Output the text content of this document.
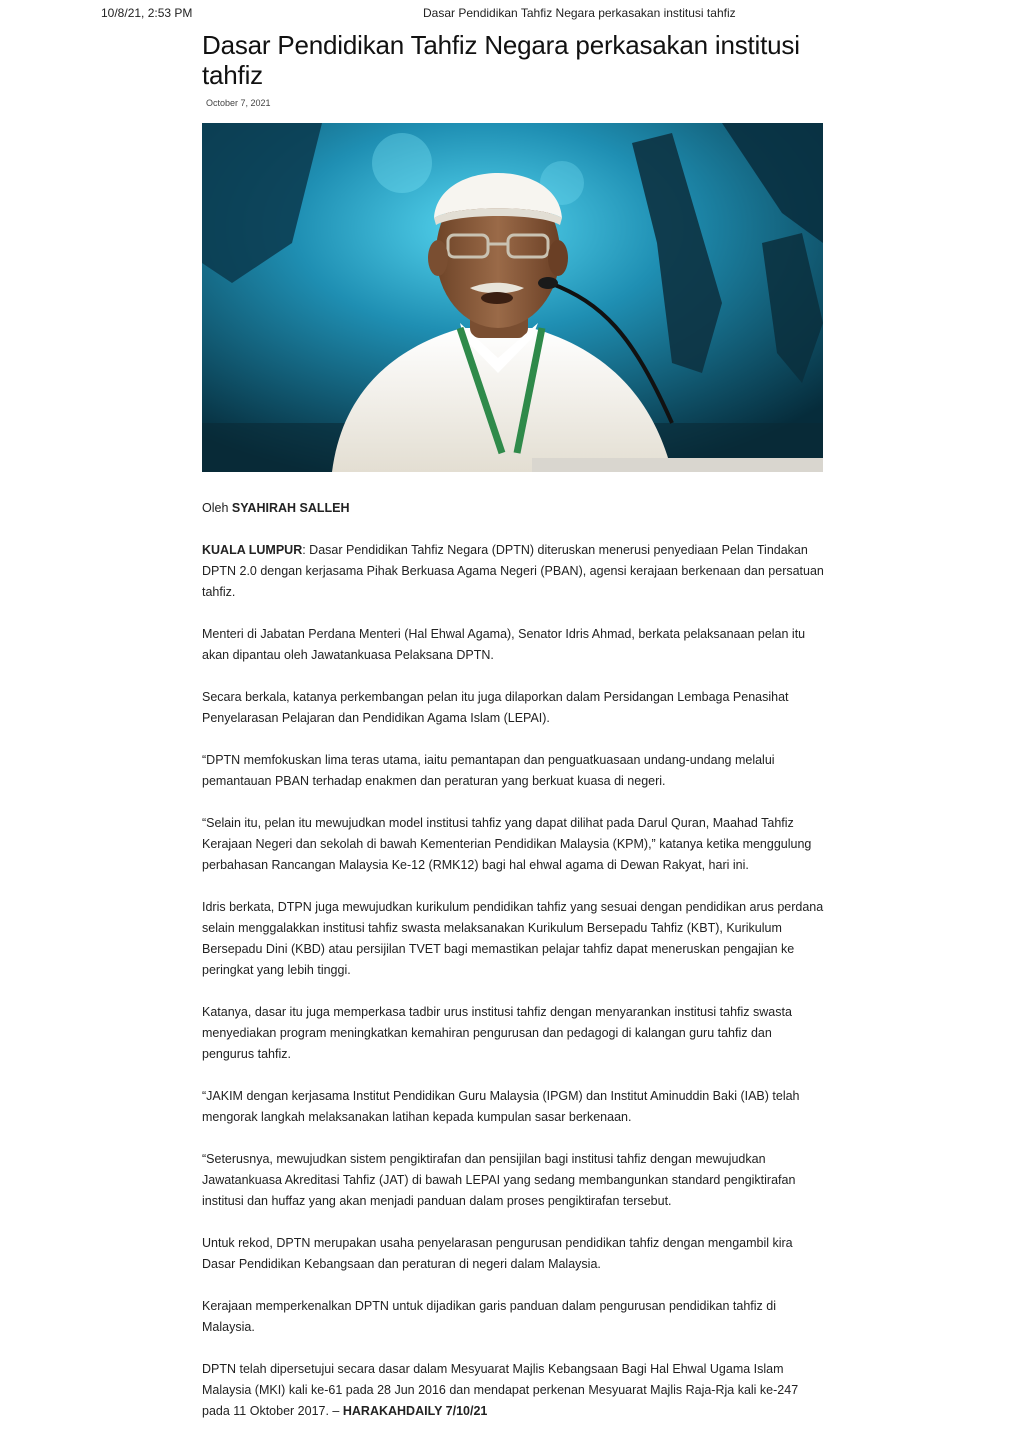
10/8/21, 2:53 PM	Dasar Pendidikan Tahfiz Negara perkasakan institusi tahfiz
Dasar Pendidikan Tahfiz Negara perkasakan institusi tahfiz
October 7, 2021

Oleh SYAHIRAH SALLEH

KUALA LUMPUR: Dasar Pendidikan Tahfiz Negara (DPTN) diteruskan menerusi penyediaan Pelan Tindakan DPTN 2.0 dengan kerjasama Pihak Berkuasa Agama Negeri (PBAN), agensi kerajaan berkenaan dan persatuan tahfiz.

Menteri di Jabatan Perdana Menteri (Hal Ehwal Agama), Senator Idris Ahmad, berkata pelaksanaan pelan itu akan dipantau oleh Jawatankuasa Pelaksana DPTN.

Secara berkala, katanya perkembangan pelan itu juga dilaporkan dalam Persidangan Lembaga Penasihat Penyelarasan Pelajaran dan Pendidikan Agama Islam (LEPAI).

“DPTN memfokuskan lima teras utama, iaitu pemantapan dan penguatkuasaan undang-undang melalui pemantauan PBAN terhadap enakmen dan peraturan yang berkuat kuasa di negeri.

“Selain itu, pelan itu mewujudkan model institusi tahfiz yang dapat dilihat pada Darul Quran, Maahad Tahfiz Kerajaan Negeri dan sekolah di bawah Kementerian Pendidikan Malaysia (KPM),” katanya ketika menggulung perbahasan Rancangan Malaysia Ke-12 (RMK12) bagi hal ehwal agama di Dewan Rakyat, hari ini.

Idris berkata, DTPN juga mewujudkan kurikulum pendidikan tahfiz yang sesuai dengan pendidikan arus perdana selain menggalakkan institusi tahfiz swasta melaksanakan Kurikulum Bersepadu Tahfiz (KBT), Kurikulum Bersepadu Dini (KBD) atau persijilan TVET bagi memastikan pelajar tahfiz dapat meneruskan pengajian ke peringkat yang lebih tinggi.

Katanya, dasar itu juga memperkasa tadbir urus institusi tahfiz dengan menyarankan institusi tahfiz swasta menyediakan program meningkatkan kemahiran pengurusan dan pedagogi di kalangan guru tahfiz dan pengurus tahfiz.

“JAKIM dengan kerjasama Institut Pendidikan Guru Malaysia (IPGM) dan Institut Aminuddin Baki (IAB) telah mengorak langkah melaksanakan latihan kepada kumpulan sasar berkenaan.

“Seterusnya, mewujudkan sistem pengiktirafan dan pensijilan bagi institusi tahfiz dengan mewujudkan Jawatankuasa Akreditasi Tahfiz (JAT) di bawah LEPAI yang sedang membangunkan standard pengiktirafan institusi dan huffaz yang akan menjadi panduan dalam proses pengiktirafan tersebut.

Untuk rekod, DPTN merupakan usaha penyelarasan pengurusan pendidikan tahfiz dengan mengambil kira Dasar Pendidikan Kebangsaan dan peraturan di negeri dalam Malaysia.

Kerajaan memperkenalkan DPTN untuk dijadikan garis panduan dalam pengurusan pendidikan tahfiz di Malaysia.

DPTN telah dipersetujui secara dasar dalam Mesyuarat Majlis Kebangsaan Bagi Hal Ehwal Ugama Islam Malaysia (MKI) kali ke-61 pada 28 Jun 2016 dan mendapat perkenan Mesyuarat Majlis Raja-Rja kali ke-247 pada 11 Oktober 2017. – HARAKAHDAILY 7/10/21
